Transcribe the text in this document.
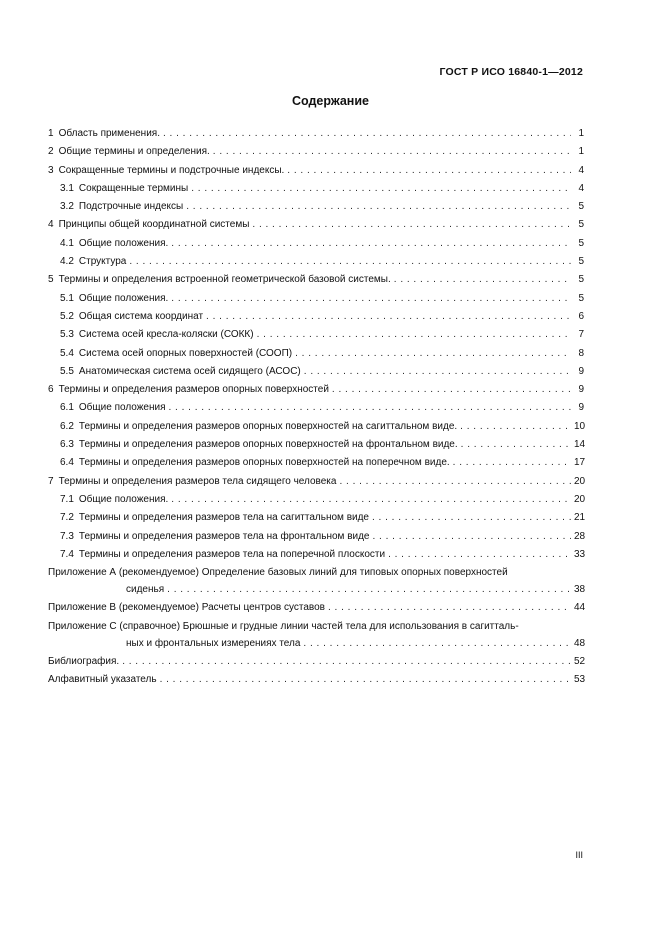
ГОСТ Р ИСО 16840-1—2012
Содержание
1 Область применения. . . .	1
2 Общие термины и определения. . . .	1
3 Сокращенные термины и подстрочные индексы. . . .	4
3.1 Сокращенные термины . . .	4
3.2 Подстрочные индексы . . .	5
4 Принципы общей координатной системы . . .	5
4.1 Общие положения. . . .	5
4.2 Структура . . .	5
5 Термины и определения встроенной геометрической базовой системы. . . .	5
5.1 Общие положения. . . .	5
5.2 Общая система координат . . .	6
5.3 Система осей кресла-коляски (СОКК) . . .	7
5.4 Система осей опорных поверхностей (СООП) . . .	8
5.5 Анатомическая система осей сидящего (АСОС) . . .	9
6 Термины и определения размеров опорных поверхностей . . .	9
6.1 Общие положения . . .	9
6.2 Термины и определения размеров опорных поверхностей на сагиттальном виде. . . .	10
6.3 Термины и определения размеров опорных поверхностей на фронтальном виде. . . .	14
6.4 Термины и определения размеров опорных поверхностей на поперечном виде. . . .	17
7 Термины и определения размеров тела сидящего человека . . .	20
7.1 Общие положения. . . .	20
7.2 Термины и определения размеров тела на сагиттальном виде . . .	21
7.3 Термины и определения размеров тела на фронтальном виде . . .	28
7.4 Термины и определения размеров тела на поперечной плоскости . . .	33
Приложение А (рекомендуемое) Определение базовых линий для типовых опорных поверхностей
сиденья . . .	38
Приложение В (рекомендуемое) Расчеты центров суставов . . .	44
Приложение С (справочное) Брюшные и грудные линии частей тела для использования в сагитталь-
ных и фронтальных измерениях тела . . .	48
Библиография. . . .	52
Алфавитный указатель . . .	53
III
